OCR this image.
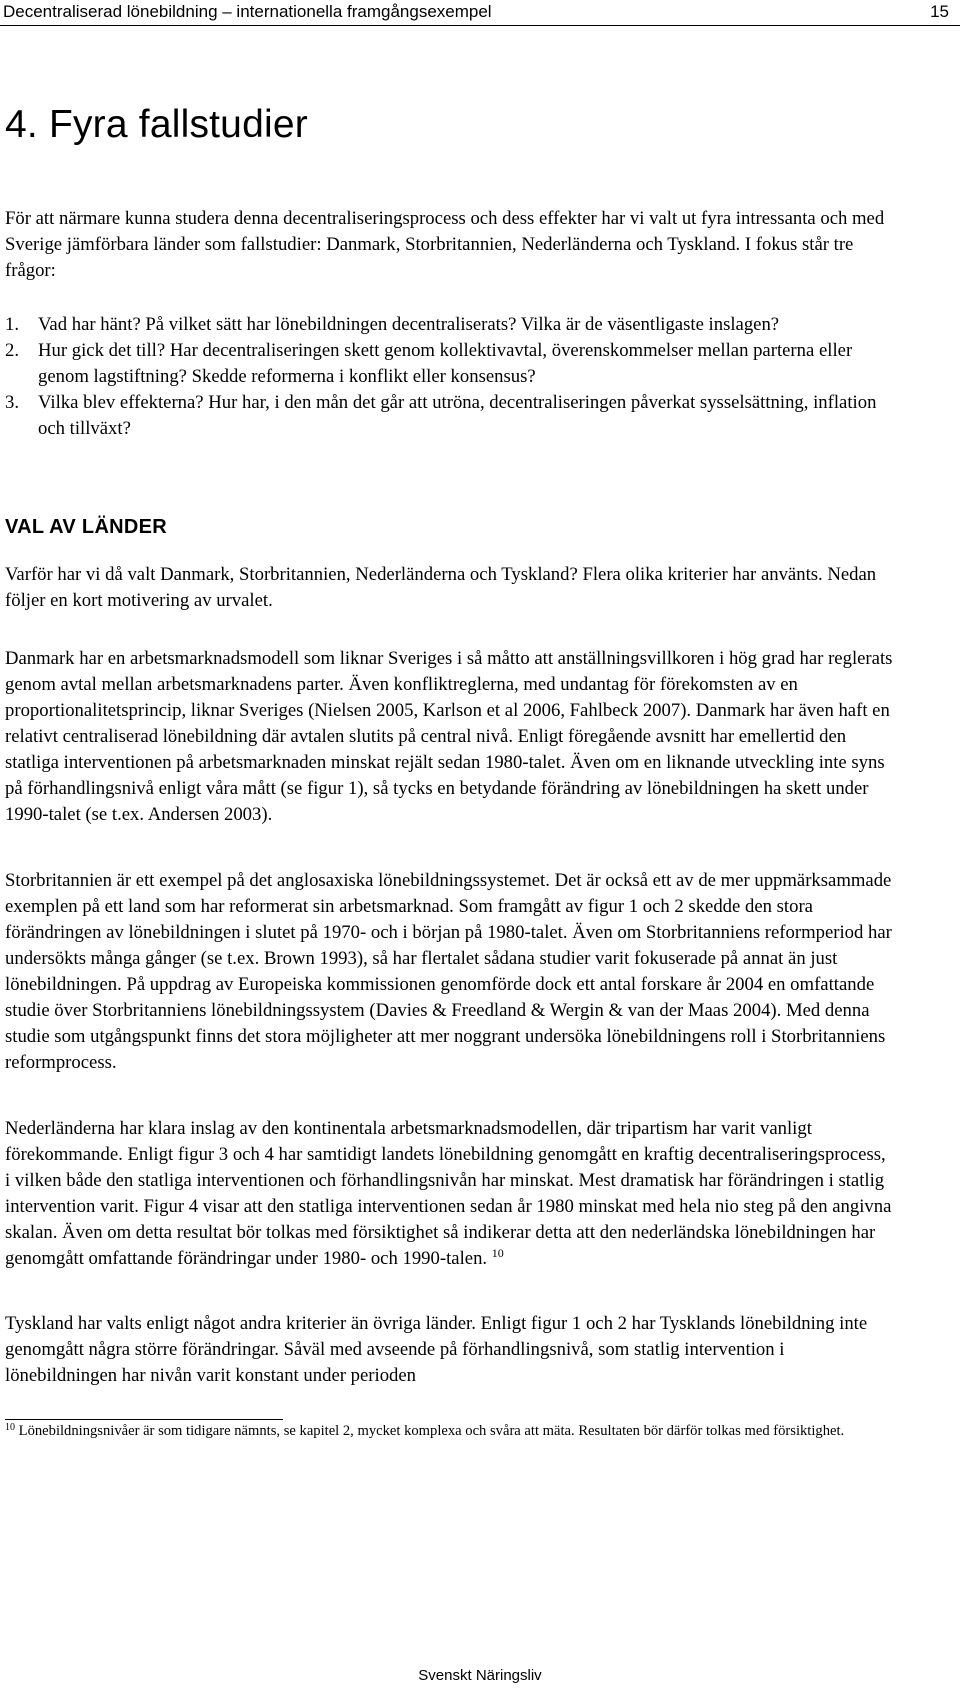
Decentraliserad lönebildning – internationella framgångsexempel	15
4. Fyra fallstudier

För att närmare kunna studera denna decentraliseringsprocess och dess effekter har vi valt ut fyra intressanta och med Sverige jämförbara länder som fallstudier: Danmark, Storbritannien, Nederländerna och Tyskland. I fokus står tre frågor:

1. Vad har hänt? På vilket sätt har lönebildningen decentraliserats? Vilka är de väsentligaste inslagen?
2. Hur gick det till? Har decentraliseringen skett genom kollektivavtal, överenskommelser mellan parterna eller genom lagstiftning? Skedde reformerna i konflikt eller konsensus?
3. Vilka blev effekterna? Hur har, i den mån det går att utröna, decentraliseringen påverkat sysselsättning, inflation och tillväxt?
VAL AV LÄNDER

Varför har vi då valt Danmark, Storbritannien, Nederländerna och Tyskland? Flera olika kriterier har använts. Nedan följer en kort motivering av urvalet.

Danmark har en arbetsmarknadsmodell som liknar Sveriges i så måtto att anställningsvillkoren i hög grad har reglerats genom avtal mellan arbetsmarknadens parter. Även konfliktreglerna, med undantag för förekomsten av en proportionalitetsprincip, liknar Sveriges (Nielsen 2005, Karlson et al 2006, Fahlbeck 2007). Danmark har även haft en relativt centraliserad lönebildning där avtalen slutits på central nivå. Enligt föregående avsnitt har emellertid den statliga interventionen på arbetsmarknaden minskat rejält sedan 1980-talet. Även om en liknande utveckling inte syns på förhandlingsnivå enligt våra mått (se figur 1), så tycks en betydande förändring av lönebildningen ha skett under 1990-talet (se t.ex. Andersen 2003).

Storbritannien är ett exempel på det anglosaxiska lönebildningssystemet. Det är också ett av de mer uppmärksammade exemplen på ett land som har reformerat sin arbetsmarknad. Som framgått av figur 1 och 2 skedde den stora förändringen av lönebildningen i slutet på 1970- och i början på 1980-talet. Även om Storbritanniens reformperiod har undersökts många gånger (se t.ex. Brown 1993), så har flertalet sådana studier varit fokuserade på annat än just lönebildningen. På uppdrag av Europeiska kommissionen genomförde dock ett antal forskare år 2004 en omfattande studie över Storbritanniens lönebildningssystem (Davies & Freedland & Wergin & van der Maas 2004). Med denna studie som utgångspunkt finns det stora möjligheter att mer noggrant undersöka lönebildningens roll i Storbritanniens reformprocess.

Nederländerna har klara inslag av den kontinentala arbetsmarknadsmodellen, där tripartism har varit vanligt förekommande. Enligt figur 3 och 4 har samtidigt landets lönebildning genomgått en kraftig decentraliseringsprocess, i vilken både den statliga interventionen och förhandlingsnivån har minskat. Mest dramatisk har förändringen i statlig intervention varit. Figur 4 visar att den statliga interventionen sedan år 1980 minskat med hela nio steg på den angivna skalan. Även om detta resultat bör tolkas med försiktighet så indikerar detta att den nederländska lönebildningen har genomgått omfattande förändringar under 1980- och 1990-talen. $^{10}$

Tyskland har valts enligt något andra kriterier än övriga länder. Enligt figur 1 och 2 har Tysklands lönebildning inte genomgått några större förändringar. Såväl med avseende på förhandlingsnivå, som statlig intervention i lönebildningen har nivån varit konstant under perioden

$^{10}$ Lönebildningsnivåer är som tidigare nämnts, se kapitel 2, mycket komplexa och svåra att mäta. Resultaten bör därför tolkas med försiktighet.

Svenskt Näringsliv
